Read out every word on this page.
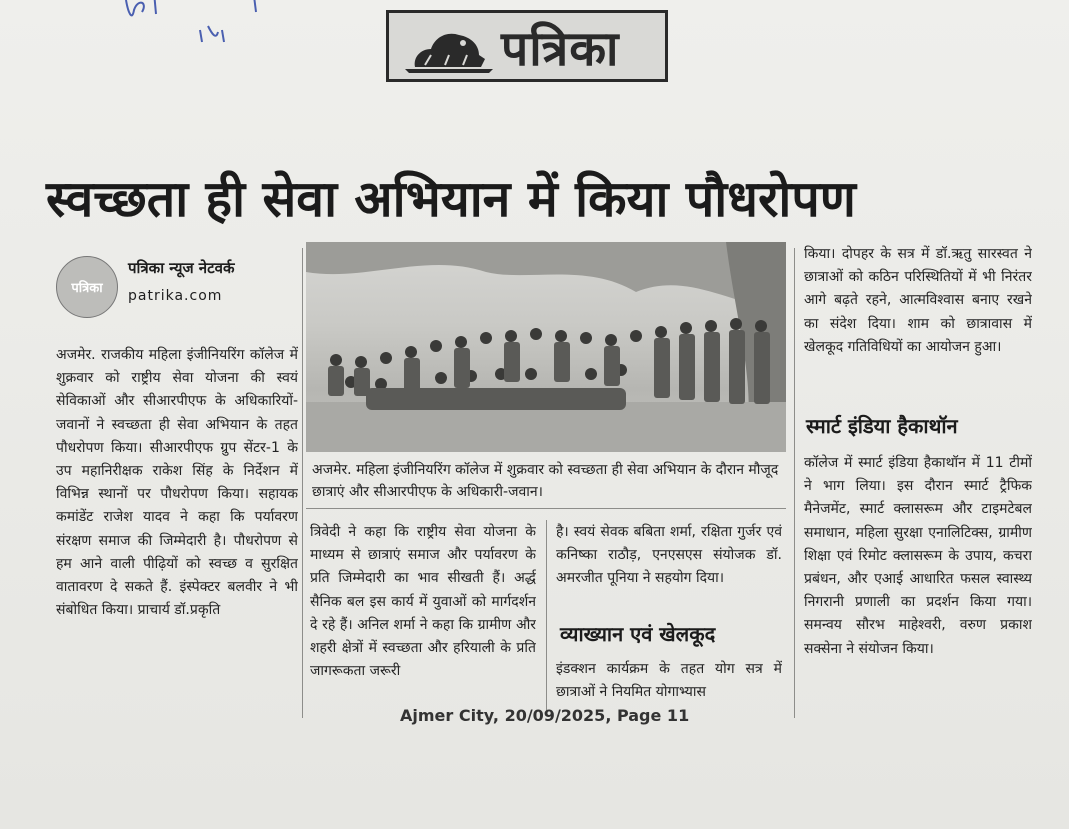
पत्रिका
स्वच्छता ही सेवा अभियान में किया पौधरोपण
पत्रिका
पत्रिका न्यूज नेटवर्क
patrika.com
अजमेर. राजकीय महिला इंजीनियरिंग कॉलेज में शुक्रवार को राष्ट्रीय सेवा योजना की स्वयं सेविकाओं और सीआरपीएफ के अधिकारियों-जवानों ने स्वच्छता ही सेवा अभियान के तहत पौधरोपण किया। सीआरपीएफ ग्रुप सेंटर-1 के उप महानिरीक्षक राकेश सिंह के निर्देशन में विभिन्न स्थानों पर पौधरोपण किया। सहायक कमांडेंट राजेश यादव ने कहा कि पर्यावरण संरक्षण समाज की जिम्मेदारी है। पौधरोपण से हम आने वाली पीढ़ियों को स्वच्छ व सुरक्षित वातावरण दे सकते हैं. इंस्पेक्टर बलवीर ने भी संबोधित किया। प्राचार्य डॉ.प्रकृति
अजमेर. महिला इंजीनियरिंग कॉलेज में शुक्रवार को स्वच्छता ही सेवा अभियान के दौरान मौजूद छात्राएं और सीआरपीएफ के अधिकारी-जवान।
त्रिवेदी ने कहा कि राष्ट्रीय सेवा योजना के माध्यम से छात्राएं समाज और पर्यावरण के प्रति जिम्मेदारी का भाव सीखती हैं। अर्द्ध सैनिक बल इस कार्य में युवाओं को मार्गदर्शन दे रहे हैं। अनिल शर्मा ने कहा कि ग्रामीण और शहरी क्षेत्रों में स्वच्छता और हरियाली के प्रति जागरूकता जरूरी
है। स्वयं सेवक बबिता शर्मा, रक्षिता गुर्जर एवं कनिष्का राठौड़, एनएसएस संयोजक डॉ. अमरजीत पूनिया ने सहयोग दिया।
व्याख्यान एवं खेलकूद
इंडक्शन कार्यक्रम के तहत योग सत्र में छात्राओं ने नियमित योगाभ्यास
किया। दोपहर के सत्र में डॉ.ऋतु सारस्वत ने छात्राओं को कठिन परिस्थितियों में भी निरंतर आगे बढ़ते रहने, आत्मविश्वास बनाए रखने का संदेश दिया। शाम को छात्रावास में खेलकूद गतिविधियों का आयोजन हुआ।
स्मार्ट इंडिया हैकाथॉन
कॉलेज में स्मार्ट इंडिया हैकाथॉन में 11 टीमों ने भाग लिया। इस दौरान स्मार्ट ट्रैफिक मैनेजमेंट, स्मार्ट क्लासरूम और टाइमटेबल समाधान, महिला सुरक्षा एनालिटिक्स, ग्रामीण शिक्षा एवं रिमोट क्लासरूम के उपाय, कचरा प्रबंधन, और एआई आधारित फसल स्वास्थ्य निगरानी प्रणाली का प्रदर्शन किया गया। समन्वय सौरभ माहेश्वरी, वरुण प्रकाश सक्सेना ने संयोजन किया।
Ajmer City, 20/09/2025, Page 11
